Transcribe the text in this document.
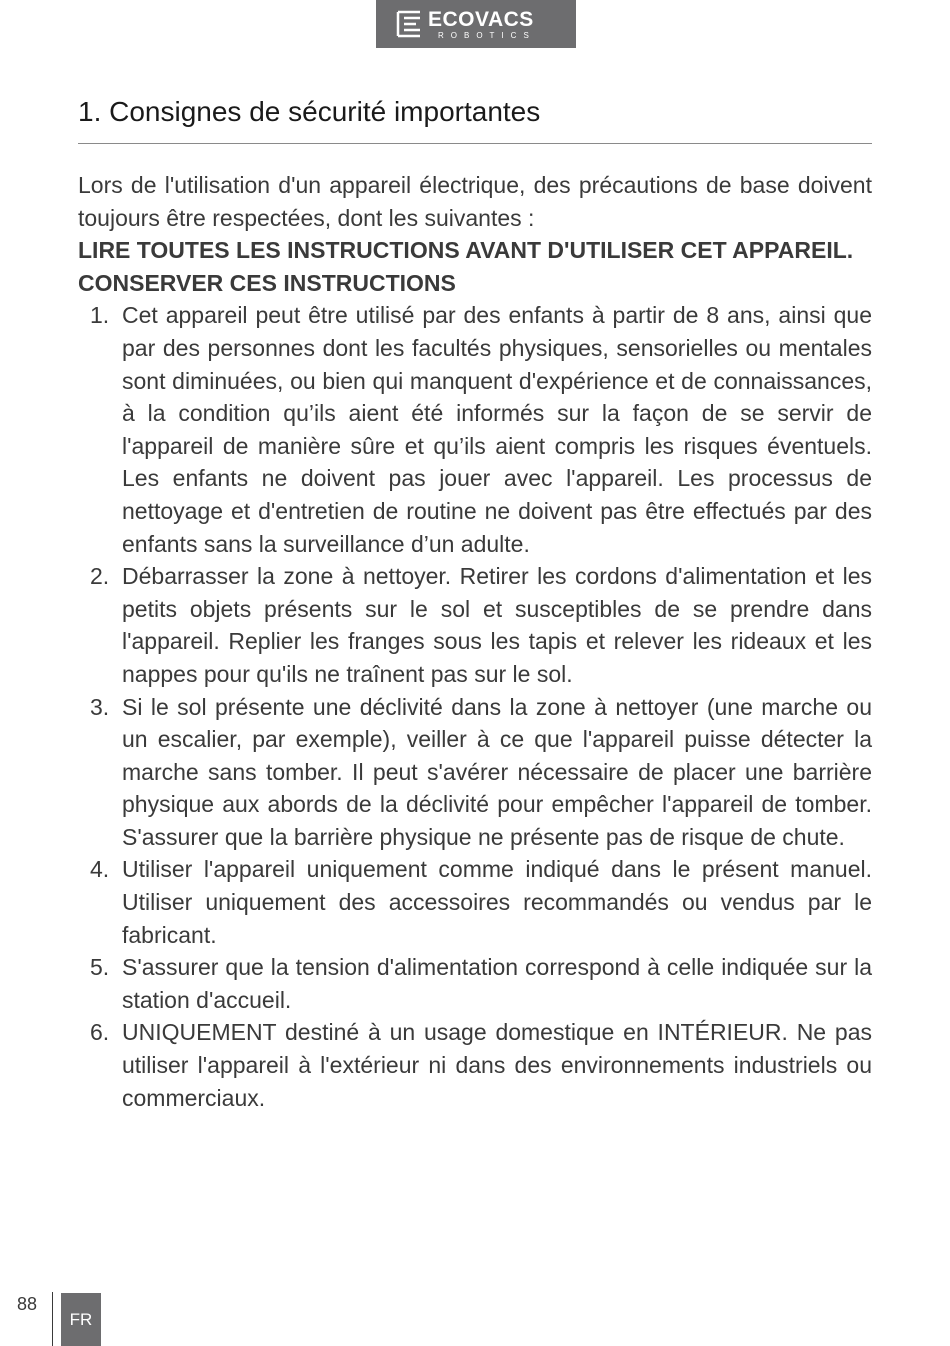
ECOVACS
ROBOTICS
1. Consignes de sécurité importantes

Lors de l'utilisation d'un appareil électrique, des précautions de base doivent toujours être respectées, dont les suivantes :

LIRE TOUTES LES INSTRUCTIONS AVANT D'UTILISER CET APPAREIL.

CONSERVER CES INSTRUCTIONS

1. Cet appareil peut être utilisé par des enfants à partir de 8 ans, ainsi que par des personnes dont les facultés physiques, sensorielles ou mentales sont diminuées, ou bien qui manquent d'expérience et de connaissances, à la condition qu’ils aient été informés sur la façon de se servir de l'appareil de manière sûre et qu’ils aient compris les risques éventuels. Les enfants ne doivent pas jouer avec l'appareil. Les processus de nettoyage et d'entretien de routine ne doivent pas être effectués par des enfants sans la surveillance d’un adulte.
2. Débarrasser la zone à nettoyer. Retirer les cordons d'alimentation et les petits objets présents sur le sol et susceptibles de se prendre dans l'appareil. Replier les franges sous les tapis et relever les rideaux et les nappes pour qu'ils ne traînent pas sur le sol.
3. Si le sol présente une déclivité dans la zone à nettoyer (une marche ou un escalier, par exemple), veiller à ce que l'appareil puisse détecter la marche sans tomber. Il peut s'avérer nécessaire de placer une barrière physique aux abords de la déclivité pour empêcher l'appareil de tomber. S'assurer que la barrière physique ne présente pas de risque de chute.
4. Utiliser l'appareil uniquement comme indiqué dans le présent manuel. Utiliser uniquement des accessoires recommandés ou vendus par le fabricant.
5. S'assurer que la tension d'alimentation correspond à celle indiquée sur la station d'accueil.
6. UNIQUEMENT destiné à un usage domestique en INTÉRIEUR. Ne pas utiliser l'appareil à l'extérieur ni dans des environnements industriels ou commerciaux.
88
FR
